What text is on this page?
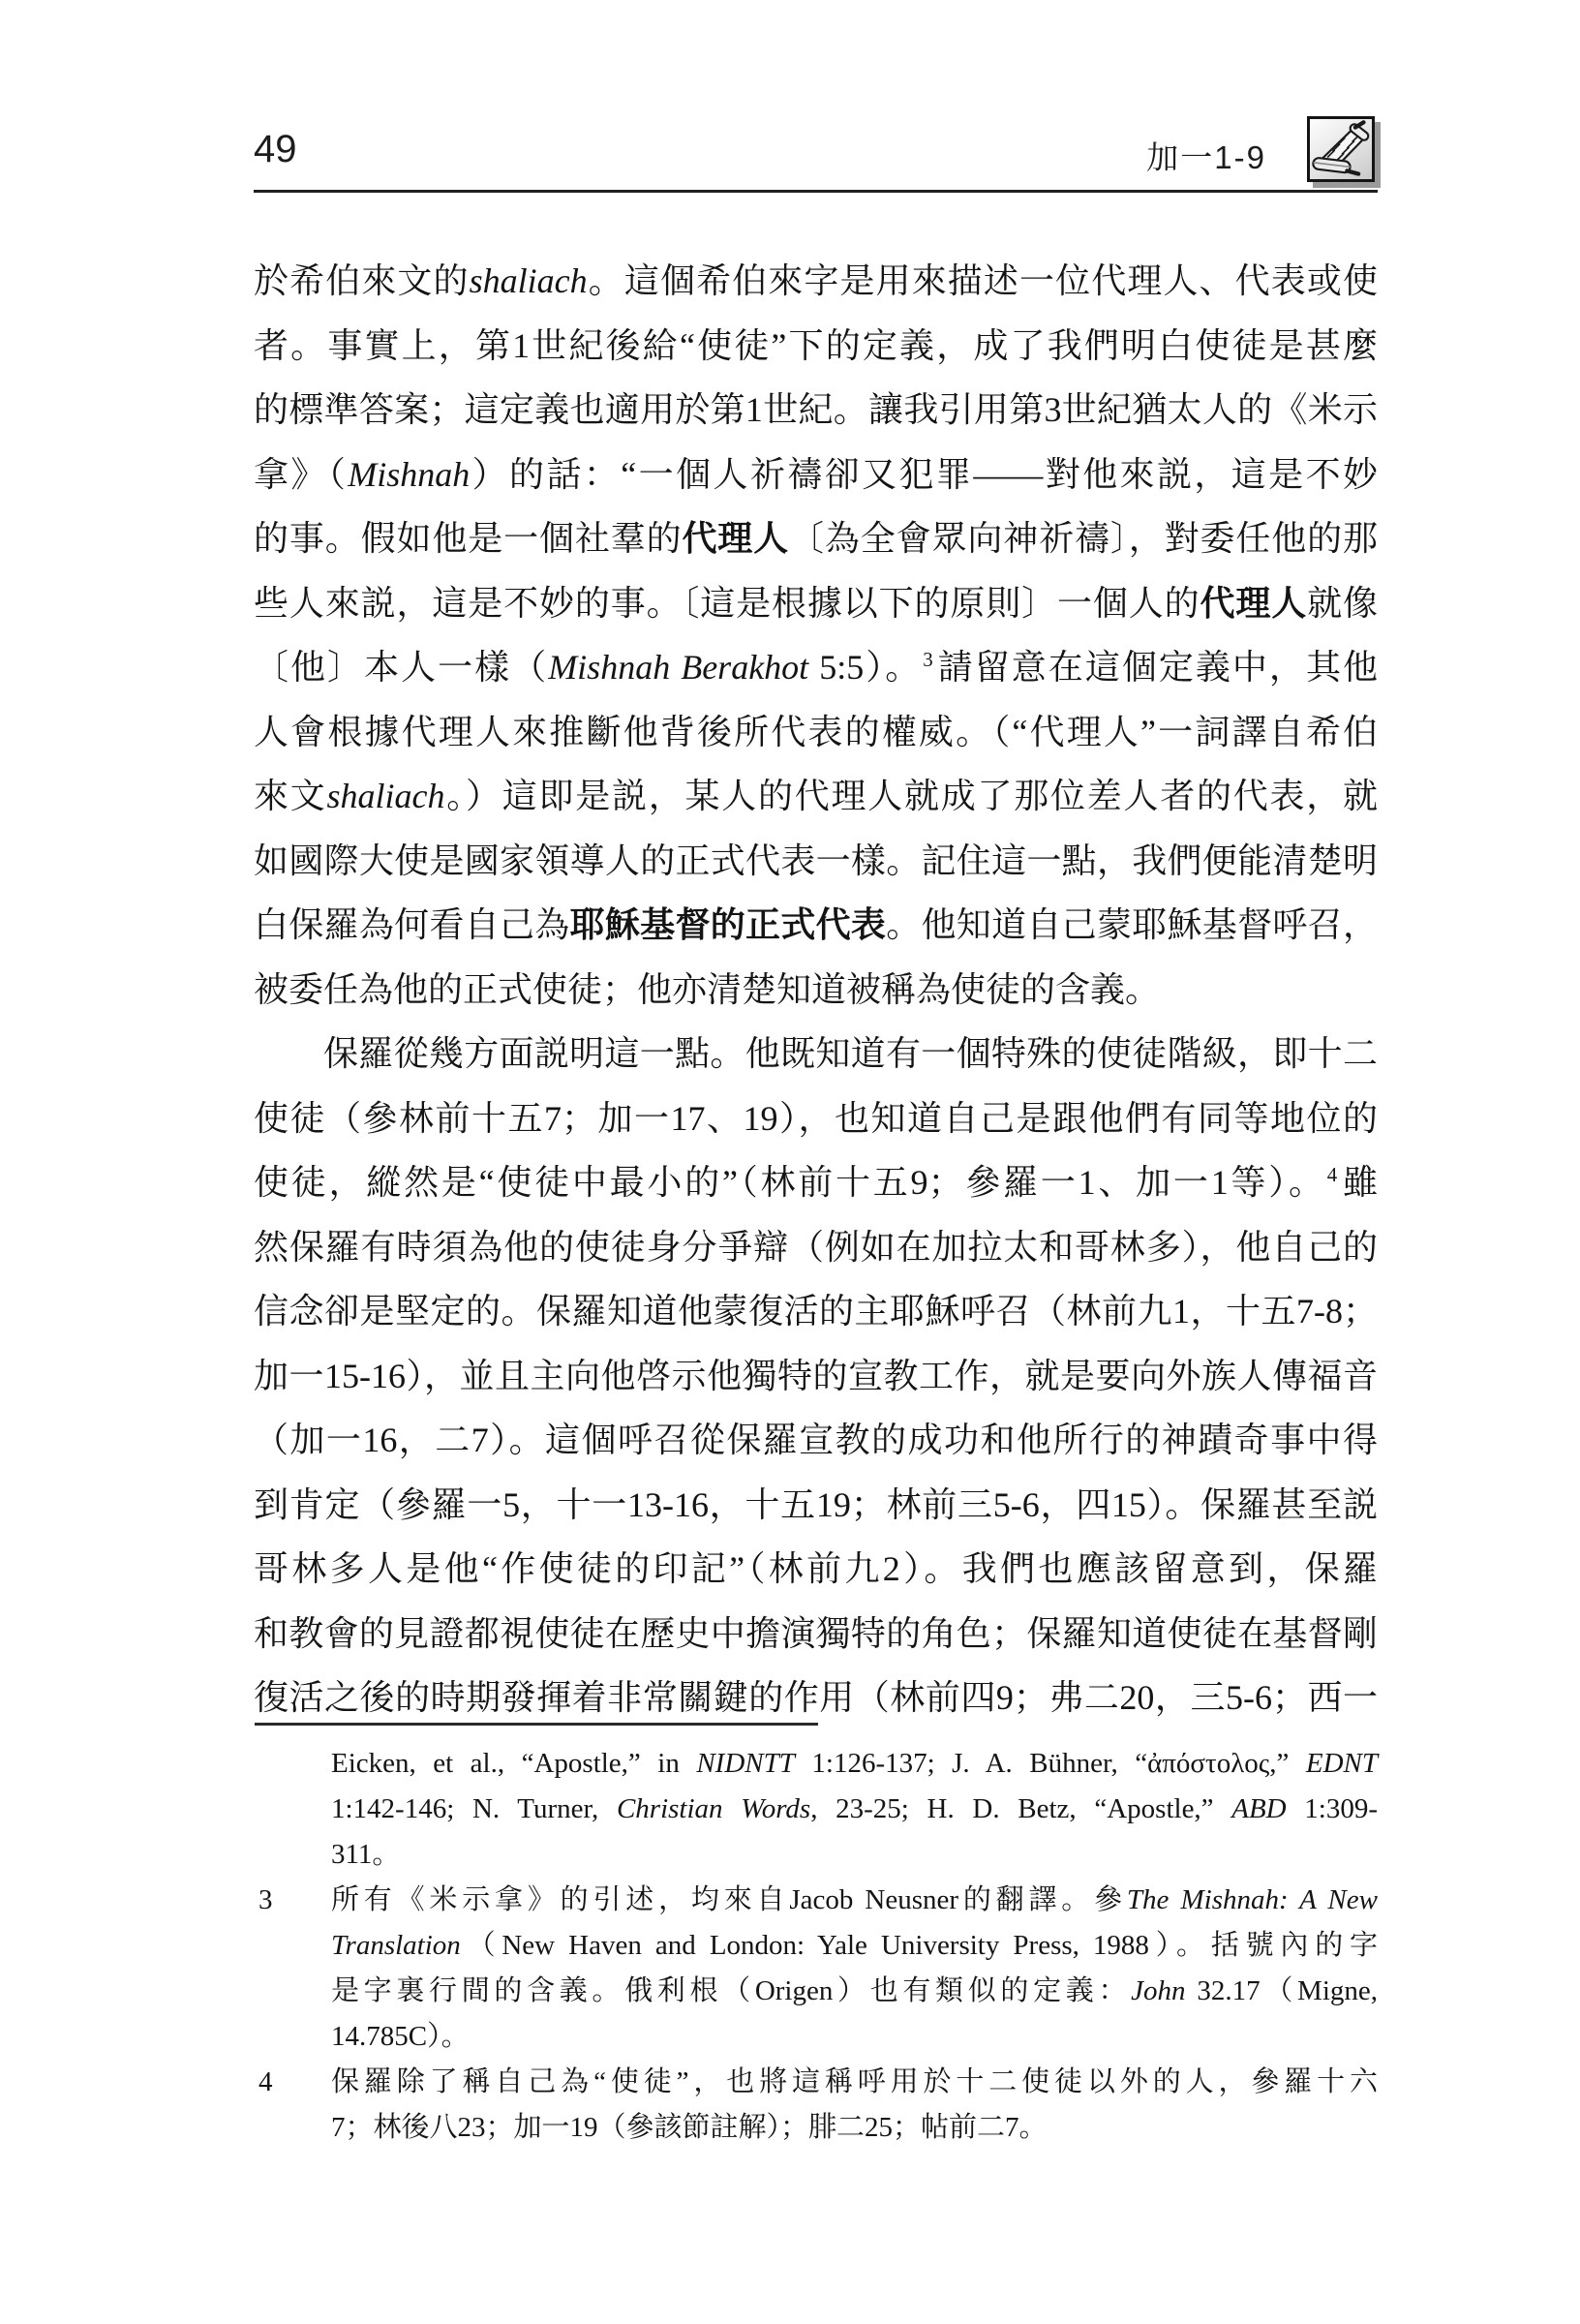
49	加一1-9
於希伯來文的shaliach。這個希伯來字是用來描述一位代理人、代表或使
者。事實上，第1世紀後給“使徒”下的定義，成了我們明白使徒是甚麼
的標準答案；這定義也適用於第1世紀。讓我引用第3世紀猶太人的《米示
拿》（Mishnah）的話：“一個人祈禱卻又犯罪——對他來説，這是不妙
的事。假如他是一個社羣的代理人〔為全會眾向神祈禱〕，對委任他的那
些人來説，這是不妙的事。〔這是根據以下的原則〕一個人的代理人就像
〔他〕本人一樣（Mishnah Berakhot 5:5）。$^3$請留意在這個定義中，其他
人會根據代理人來推斷他背後所代表的權威。（“代理人”一詞譯自希伯
來文shaliach。）這即是説，某人的代理人就成了那位差人者的代表，就
如國際大使是國家領導人的正式代表一樣。記住這一點，我們便能清楚明
白保羅為何看自己為耶穌基督的正式代表。他知道自己蒙耶穌基督呼召，
被委任為他的正式使徒；他亦清楚知道被稱為使徒的含義。
保羅從幾方面説明這一點。他既知道有一個特殊的使徒階級，即十二
使徒（參林前十五7；加一17、19），也知道自己是跟他們有同等地位的
使徒，縱然是“使徒中最小的”（林前十五9；參羅一1、加一1等）。$^4$雖
然保羅有時須為他的使徒身分爭辯（例如在加拉太和哥林多），他自己的
信念卻是堅定的。保羅知道他蒙復活的主耶穌呼召（林前九1，十五7-8；
加一15-16），並且主向他啓示他獨特的宣教工作，就是要向外族人傳福音
（加一16，二7）。這個呼召從保羅宣教的成功和他所行的神蹟奇事中得
到肯定（參羅一5，十一13-16，十五19；林前三5-6，四15）。保羅甚至説
哥林多人是他“作使徒的印記”（林前九2）。我們也應該留意到，保羅
和教會的見證都視使徒在歷史中擔演獨特的角色；保羅知道使徒在基督剛
復活之後的時期發揮着非常關鍵的作用（林前四9；弗二20，三5-6；西一
Eicken, et al., “Apostle,” in NIDNTT 1:126-137; J. A. Bühner, “ἀπόστολος,” EDNT
1:142-146; N. Turner, Christian Words, 23-25; H. D. Betz, “Apostle,” ABD 1:309-
311。
所有《米示拿》的引述，均來自Jacob Neusner的翻譯。參The Mishnah: A New
3
Translation（New Haven and London: Yale University Press, 1988）。括號內的字
是字裏行間的含義。俄利根（Origen）也有類似的定義：John 32.17（Migne,
14.785C）。
保羅除了稱自己為“使徒”，也將這稱呼用於十二使徒以外的人，參羅十六
4
7；林後八23；加一19（參該節註解）；腓二25；帖前二7。
